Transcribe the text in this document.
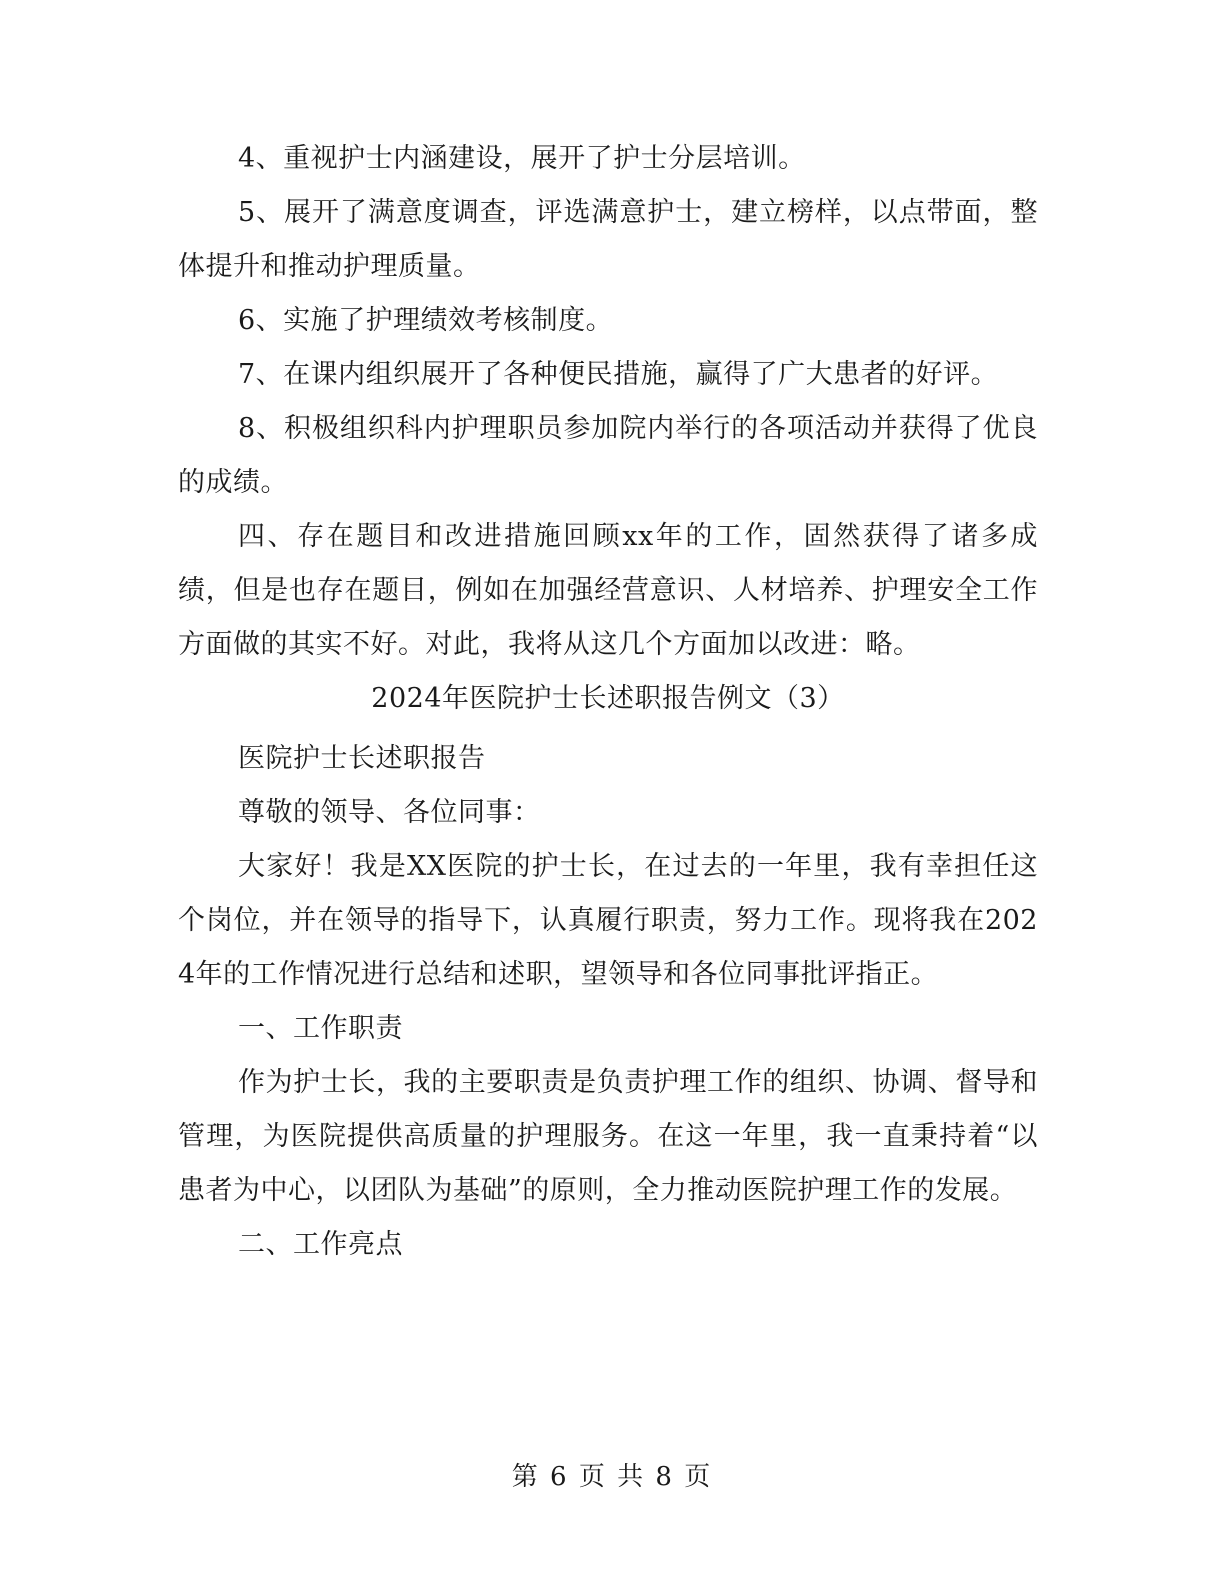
4、重视护士内涵建设，展开了护士分层培训。

5、展开了满意度调查，评选满意护士，建立榜样，以点带面，整体提升和推动护理质量。

6、实施了护理绩效考核制度。

7、在课内组织展开了各种便民措施，赢得了广大患者的好评。

8、积极组织科内护理职员参加院内举行的各项活动并获得了优良的成绩。

四、存在题目和改进措施回顾xx年的工作，固然获得了诸多成绩，但是也存在题目，例如在加强经营意识、人材培养、护理安全工作方面做的其实不好。对此，我将从这几个方面加以改进：略。

2024年医院护士长述职报告例文（3）

医院护士长述职报告

尊敬的领导、各位同事：

大家好！我是XX医院的护士长，在过去的一年里，我有幸担任这个岗位，并在领导的指导下，认真履行职责，努力工作。现将我在2024年的工作情况进行总结和述职，望领导和各位同事批评指正。

一、工作职责

作为护士长，我的主要职责是负责护理工作的组织、协调、督导和管理，为医院提供高质量的护理服务。在这一年里，我一直秉持着“以患者为中心，以团队为基础”的原则，全力推动医院护理工作的发展。

二、工作亮点

第 6 页 共 8 页
